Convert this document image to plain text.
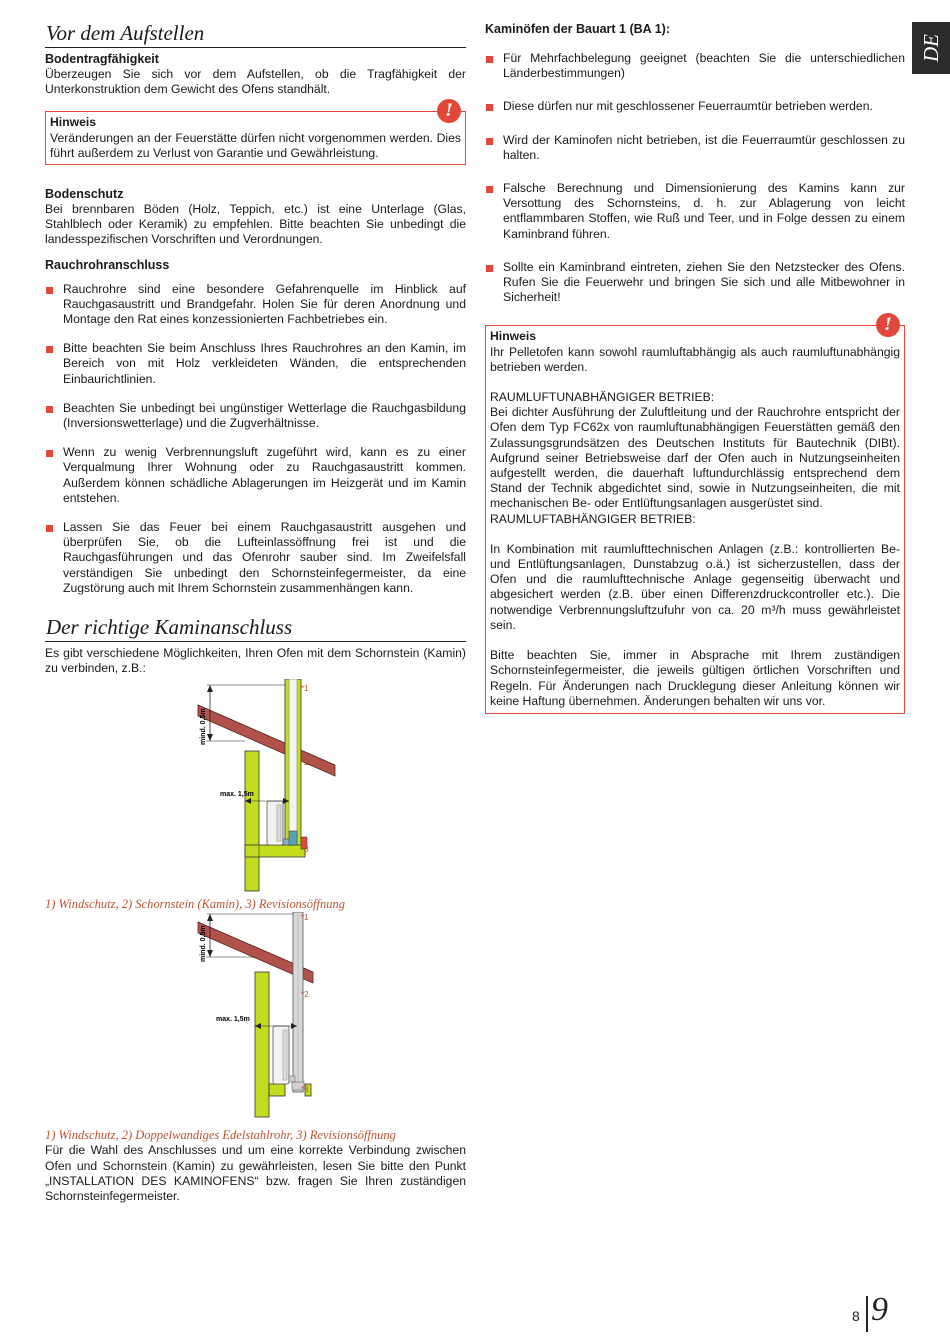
DE
Vor dem Aufstellen
Bodentragfähigkeit

Überzeugen Sie sich vor dem Aufstellen, ob die Tragfähigkeit der Unterkonstruktion dem Gewicht des Ofens standhält.

!
Hinweis

Veränderungen an der Feuerstätte dürfen nicht vorgenommen werden. Dies führt außerdem zu Verlust von Garantie und Gewährleistung.

Bodenschutz

Bei brennbaren Böden (Holz, Teppich, etc.) ist eine Unterlage (Glas, Stahlblech oder Keramik) zu empfehlen. Bitte beachten Sie unbedingt die landesspezifischen Vorschriften und Verordnungen.

Rauchrohranschluss
Rauchrohre sind eine besondere Gefahrenquelle im Hinblick auf Rauchgasaustritt und Brandgefahr. Holen Sie für deren Anordnung und Montage den Rat eines konzessionierten Fachbetriebes ein.
Bitte beachten Sie beim Anschluss Ihres Rauchrohres an den Kamin, im Bereich von mit Holz verkleideten Wänden, die entsprechenden Einbaurichtlinien.
Beachten Sie unbedingt bei ungünstiger Wetterlage die Rauchgasbildung (Inversionswetterlage) und die Zugverhältnisse.
Wenn zu wenig Verbrennungsluft zugeführt wird, kann es zu einer Verqualmung Ihrer Wohnung oder zu Rauchgasaustritt kommen. Außerdem können schädliche Ablagerungen im Heizgerät und im Kamin entstehen.
Lassen Sie das Feuer bei einem Rauchgasaustritt ausgehen und überprüfen Sie, ob die Lufteinlassöffnung frei ist und die Rauchgasführungen und das Ofenrohr sauber sind. Im Zweifelsfall verständigen Sie unbedingt den Schornsteinfegermeister, da eine Zugstörung auch mit Ihrem Schornstein zusammenhängen kann.
Der richtige Kaminanschluss

Es gibt verschiedene Möglichkeiten, Ihren Ofen mit dem Schornstein (Kamin) zu verbinden, z.B.:

mind. 0,5m
max. 1,5m
*1
*2
*3
1) Windschutz, 2) Schornstein (Kamin), 3) Revisionsöffnung
mind. 0,5m
max. 1,5m
*1
*2
*3
1) Windschutz, 2) Doppelwandiges Edelstahlrohr, 3) Revisionsöffnung

Für die Wahl des Anschlusses und um eine korrekte Verbindung zwischen Ofen und Schornstein (Kamin) zu gewährleisten, lesen Sie bitte den Punkt „INSTALLATION DES KAMINOFENS“ bzw. fragen Sie Ihren zuständigen Schornsteinfegermeister.

Kaminöfen der Bauart 1 (BA 1):
Für Mehrfachbelegung geeignet (beachten Sie die unterschiedlichen Länderbestimmungen)
Diese dürfen nur mit geschlossener Feuerraumtür betrieben werden.
Wird der Kaminofen nicht betrieben, ist die Feuerraumtür geschlossen zu halten.
Falsche Berechnung und Dimensionierung des Kamins kann zur Versottung des Schornsteins, d. h. zur Ablagerung von leicht entflammbaren Stoffen, wie Ruß und Teer, und in Folge dessen zu einem Kaminbrand führen.
Sollte ein Kaminbrand eintreten, ziehen Sie den Netzstecker des Ofens. Rufen Sie die Feuerwehr und bringen Sie sich und alle Mitbewohner in Sicherheit!
!
Hinweis

Ihr Pelletofen kann sowohl raumluftabhängig als auch raumluftunabhängig betrieben werden.

RAUMLUFTUNABHÄNGIGER BETRIEB:

Bei dichter Ausführung der Zuluftleitung und der Rauchrohre entspricht der Ofen dem Typ FC62x von raumluftunabhängigen Feuerstätten gemäß den Zulassungsgrundsätzen des Deutschen Instituts für Bautechnik (DIBt). Aufgrund seiner Betriebsweise darf der Ofen auch in Nutzungseinheiten aufgestellt werden, die dauerhaft luftundurchlässig entsprechend dem Stand der Technik abgedichtet sind, sowie in Nutzungseinheiten, die mit mechanischen Be- oder Entlüftungsanlagen ausgerüstet sind.

RAUMLUFTABHÄNGIGER BETRIEB:

In Kombination mit raumlufttechnischen Anlagen (z.B.: kontrollierten Be- und Entlüftungsanlagen, Dunstabzug o.ä.) ist sicherzustellen, dass der Ofen und die raumlufttechnische Anlage gegenseitig überwacht und abgesichert werden (z.B. über einen Differenzdruckcontroller etc.). Die notwendige Verbrennungsluftzufuhr von ca. 20 m³/h muss gewährleistet sein.

Bitte beachten Sie, immer in Absprache mit Ihrem zuständigen Schornsteinfegermeister, die jeweils gültigen örtlichen Vorschriften und Regeln. Für Änderungen nach Drucklegung dieser Anleitung können wir keine Haftung übernehmen. Änderungen behalten wir uns vor.

8 9
